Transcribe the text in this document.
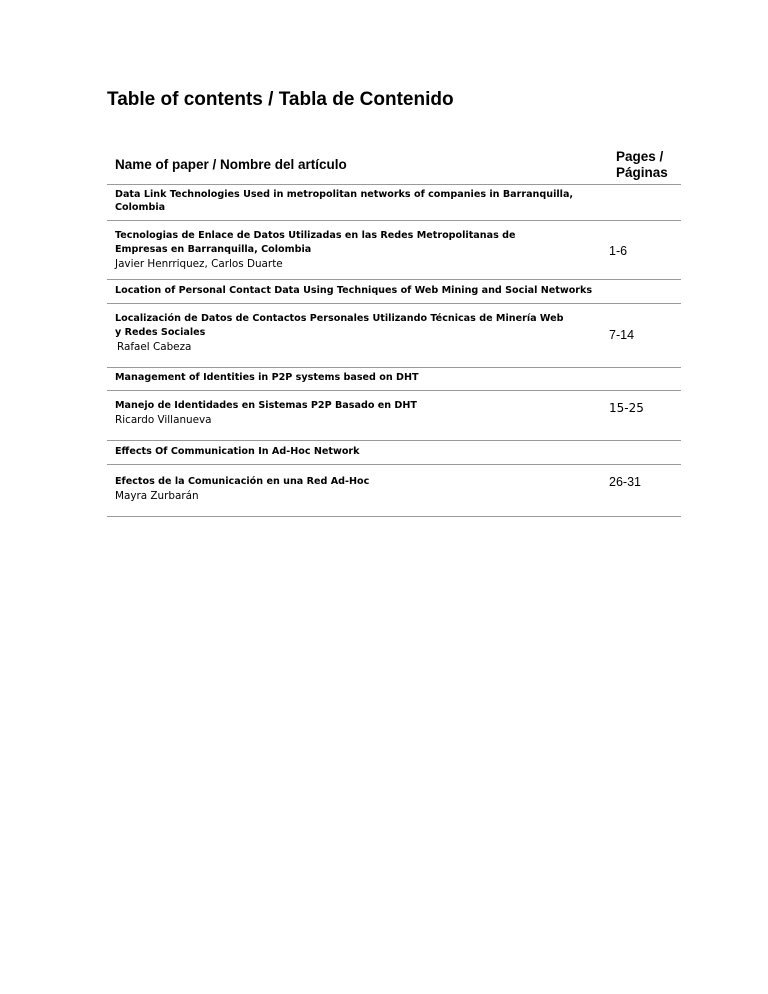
Table of contents / Tabla de Contenido
Name of paper / Nombre del artículo
Pages /
Páginas
Data Link Technologies Used in metropolitan networks of companies in Barranquilla, Colombia
Tecnologias de Enlace de Datos Utilizadas en las Redes Metropolitanas de Empresas en Barranquilla, Colombia
Javier Henrriquez, Carlos Duarte
1-6
Location of Personal Contact Data Using Techniques of Web Mining and Social Networks
Localización de Datos de Contactos Personales Utilizando Técnicas de Minería Web y Redes Sociales
Rafael Cabeza
7-14
Management of Identities in P2P systems based on DHT
Manejo de Identidades en Sistemas P2P Basado en DHT
Ricardo Villanueva
15-25
Effects Of Communication In Ad-Hoc Network
Efectos de la Comunicación en una Red Ad-Hoc
Mayra Zurbarán
26-31
